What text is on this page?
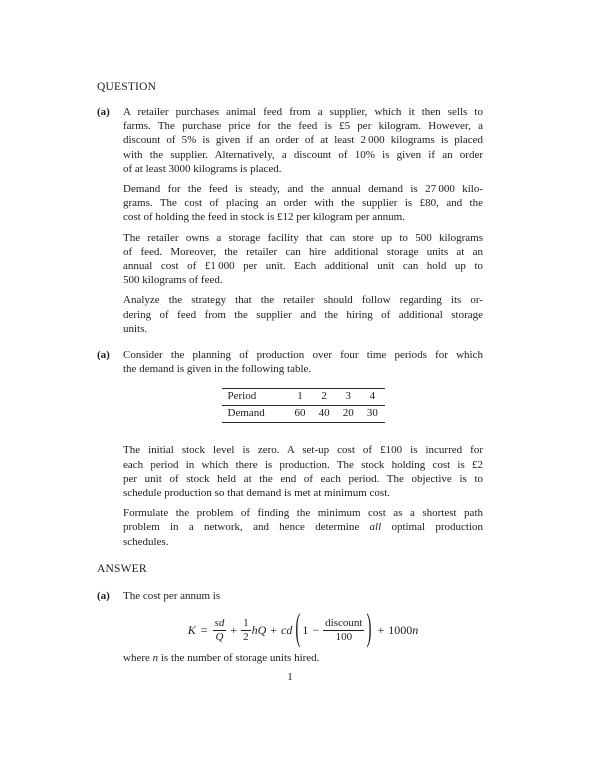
QUESTION
(a) A retailer purchases animal feed from a supplier, which it then sells to
farms. The purchase price for the feed is £5 per kilogram. However, a
discount of 5% is given if an order of at least 2 000 kilograms is placed
with the supplier. Alternatively, a discount of 10% is given if an order
of at least 3000 kilograms is placed.
Demand for the feed is steady, and the annual demand is 27 000 kilo-
grams. The cost of placing an order with the supplier is £80, and the
cost of holding the feed in stock is £12 per kilogram per annum.
The retailer owns a storage facility that can store up to 500 kilograms
of feed. Moreover, the retailer can hire additional storage units at an
annual cost of £1 000 per unit. Each additional unit can hold up to
500 kilograms of feed.
Analyze the strategy that the retailer should follow regarding its or-
dering of feed from the supplier and the hiring of additional storage
units.
(a) Consider the planning of production over four time periods for which
the demand is given in the following table.
Period	1	2	3	4
Demand	60	40	20	30
The initial stock level is zero. A set-up cost of £100 is incurred for
each period in which there is production. The stock holding cost is £2
per unit of stock held at the end of each period. The objective is to
schedule production so that demand is met at minimum cost.
Formulate the problem of finding the minimum cost as a shortest path
problem in a network, and hence determine all optimal production
schedules.
ANSWER
(a) The cost per annum is
$K = \frac{sd}{Q} + \frac{1}{2}$ hQ + cd ( $1 - \frac{\text{discount}}{100}$ ) + 1000 n
where n is the number of storage units hired.
1
